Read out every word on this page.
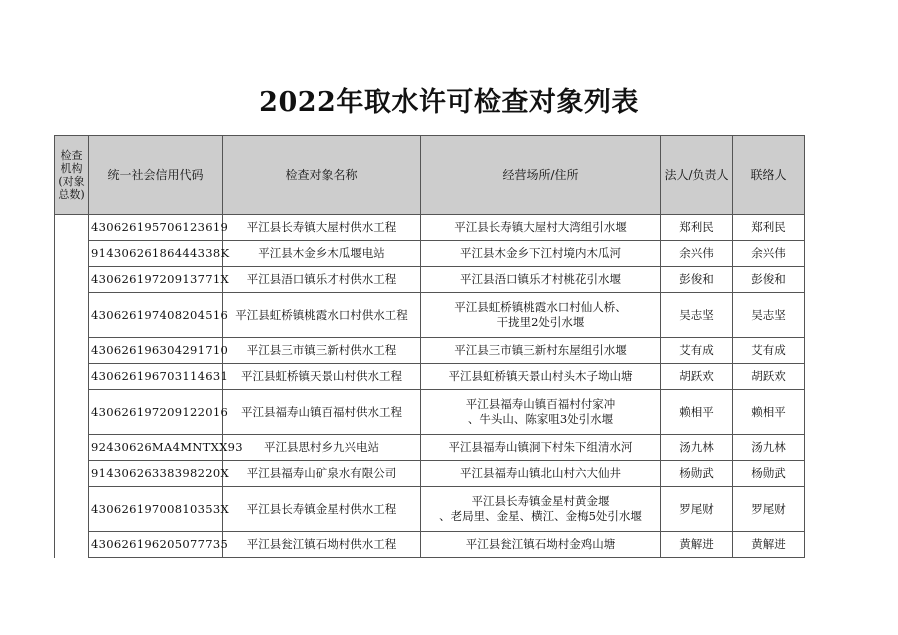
2022年取水许可检查对象列表
检查
机构
(对象
总数)	统一社会信用代码	检查对象名称	经营场所/住所	法人/负责人	联络人
	430626195706123619	平江县长寿镇大屋村供水工程	平江县长寿镇大屋村大湾组引水堰	郑利民	郑利民
	91430626186444338K	平江县木金乡木瓜堰电站	平江县木金乡下江村境内木瓜河	余兴伟	余兴伟
	43062619720913771X	平江县浯口镇乐才村供水工程	平江县浯口镇乐才村桃花引水堰	彭俊和	彭俊和
	430626197408204516	平江县虹桥镇桃霞水口村供水工程	平江县虹桥镇桃霞水口村仙人桥、
干拢里2处引水堰	吴志坚	吴志坚
	430626196304291710	平江县三市镇三新村供水工程	平江县三市镇三新村东屋组引水堰	艾有成	艾有成
	430626196703114631	平江县虹桥镇天景山村供水工程	平江县虹桥镇天景山村头木子坳山塘	胡跃欢	胡跃欢
	430626197209122016	平江县福寿山镇百福村供水工程	平江县福寿山镇百福村付家冲
、牛头山、陈家咀3处引水堰	赖相平	赖相平
	92430626MA4MNTXX93	平江县思村乡九兴电站	平江县福寿山镇洞下村朱下组清水河	汤九林	汤九林
	91430626338398220X	平江县福寿山矿泉水有限公司	平江县福寿山镇北山村六大仙井	杨勋武	杨勋武
	43062619700810353X	平江县长寿镇金星村供水工程	平江县长寿镇金星村黄金堰
、老局里、金星、横江、金梅5处引水堰	罗尾财	罗尾财
	430626196205077735	平江县瓮江镇石坳村供水工程	平江县瓮江镇石坳村金鸡山塘	黄解进	黄解进
